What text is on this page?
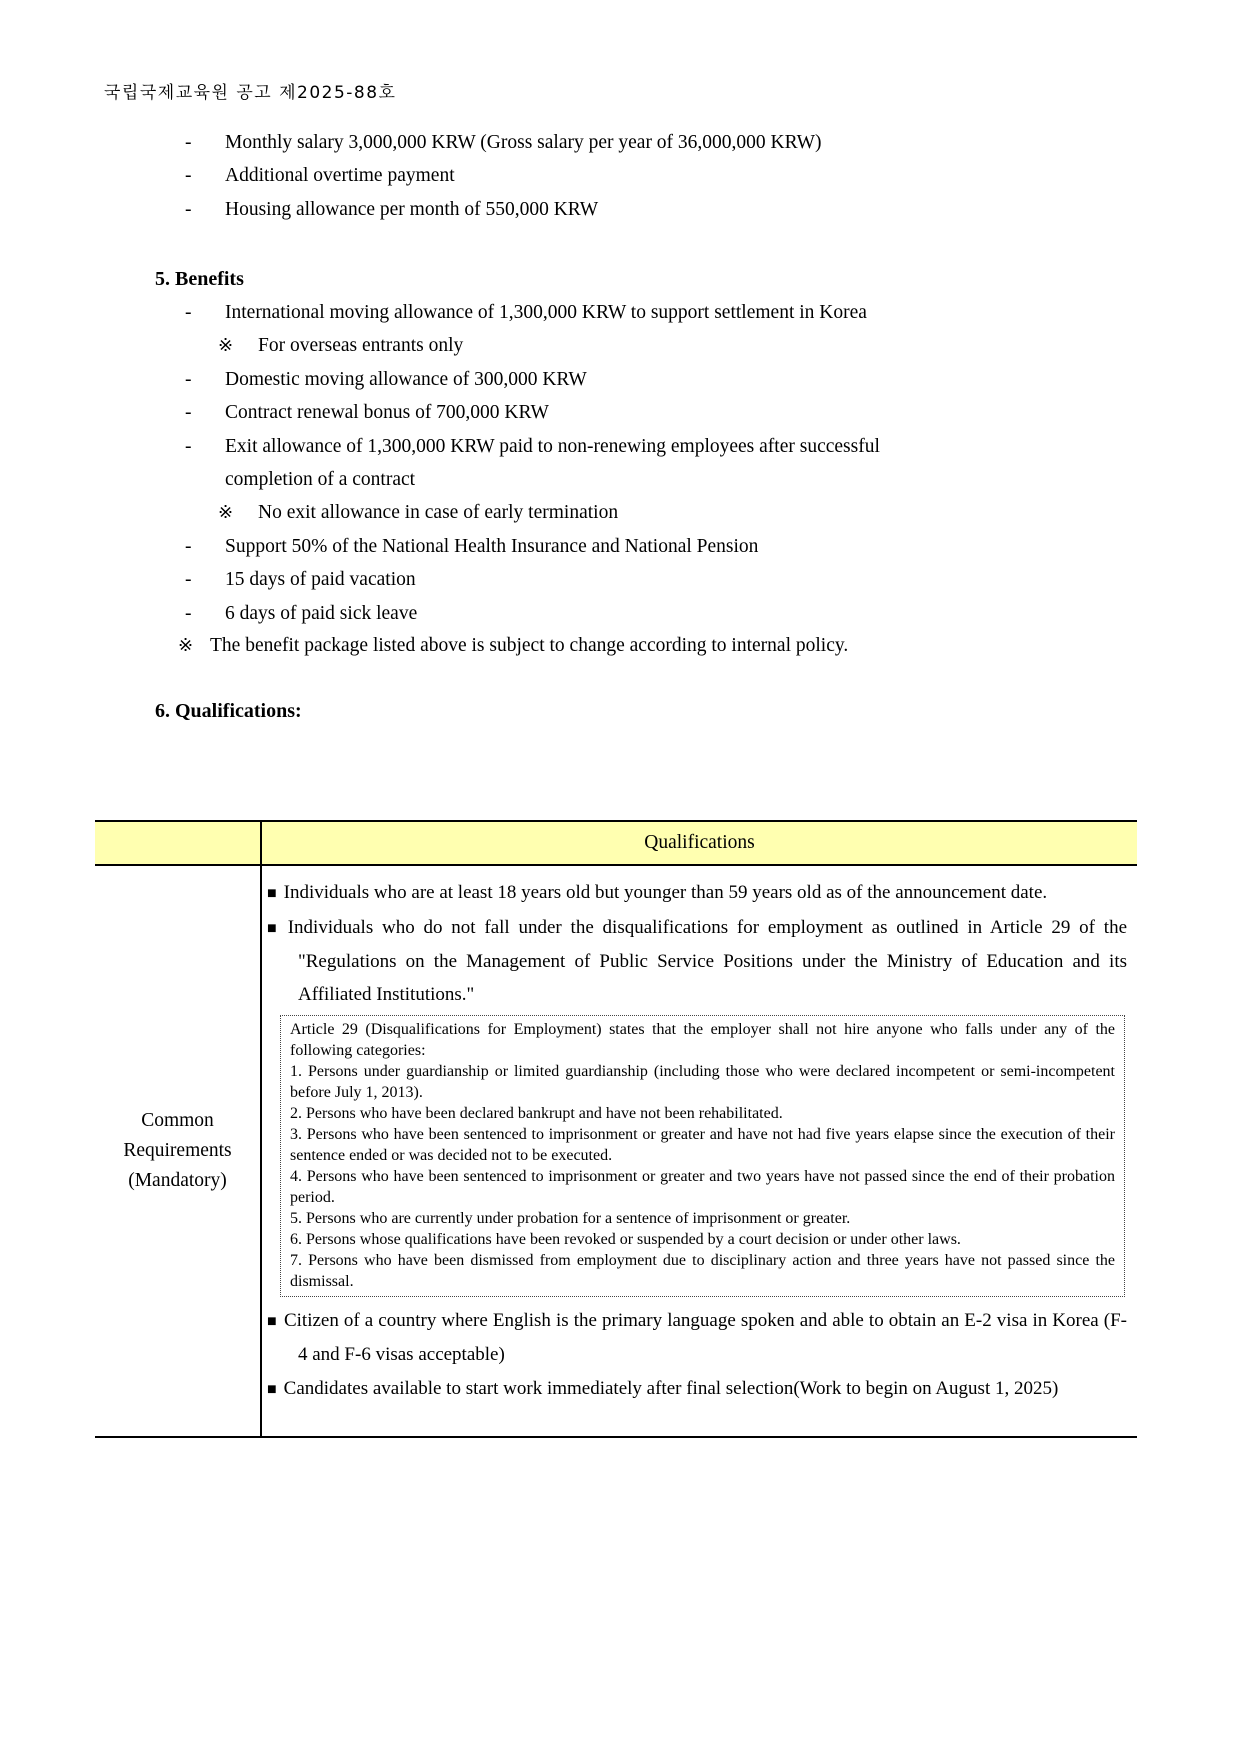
국립국제교육원 공고 제2025-88호
-	Monthly salary 3,000,000 KRW (Gross salary per year of 36,000,000 KRW)
-	Additional overtime payment
-	Housing allowance per month of 550,000 KRW
5. Benefits
-	International moving allowance of 1,300,000 KRW to support settlement in Korea
※	For overseas entrants only
-	Domestic moving allowance of 300,000 KRW
-	Contract renewal bonus of 700,000 KRW
-	Exit allowance of 1,300,000 KRW paid to non-renewing employees after successful
completion of a contract
※	No exit allowance in case of early termination
-	Support 50% of the National Health Insurance and National Pension
-	15 days of paid vacation
-	6 days of paid sick leave
※ The benefit package listed above is subject to change according to internal policy.
6. Qualifications:
Qualifications
Common
Requirements
(Mandatory)

■ Individuals who are at least 18 years old but younger than 59 years old as of the announcement date.

■ Individuals who do not fall under the disqualifications for employment as outlined in Article 29 of the "Regulations on the Management of Public Service Positions under the Ministry of Education and its Affiliated Institutions."

Article 29 (Disqualifications for Employment) states that the employer shall not hire anyone who falls under any of the following categories:
1. Persons under guardianship or limited guardianship (including those who were declared incompetent or semi-incompetent before July 1, 2013).
2. Persons who have been declared bankrupt and have not been rehabilitated.
3. Persons who have been sentenced to imprisonment or greater and have not had five years elapse since the execution of their sentence ended or was decided not to be executed.
4. Persons who have been sentenced to imprisonment or greater and two years have not passed since the end of their probation period.
5. Persons who are currently under probation for a sentence of imprisonment or greater.
6. Persons whose qualifications have been revoked or suspended by a court decision or under other laws.
7. Persons who have been dismissed from employment due to disciplinary action and three years have not passed since the dismissal.

■ Citizen of a country where English is the primary language spoken and able to obtain an E-2 visa in Korea (F-4 and F-6 visas acceptable)

■ Candidates available to start work immediately after final selection(Work to begin on August 1, 2025)
